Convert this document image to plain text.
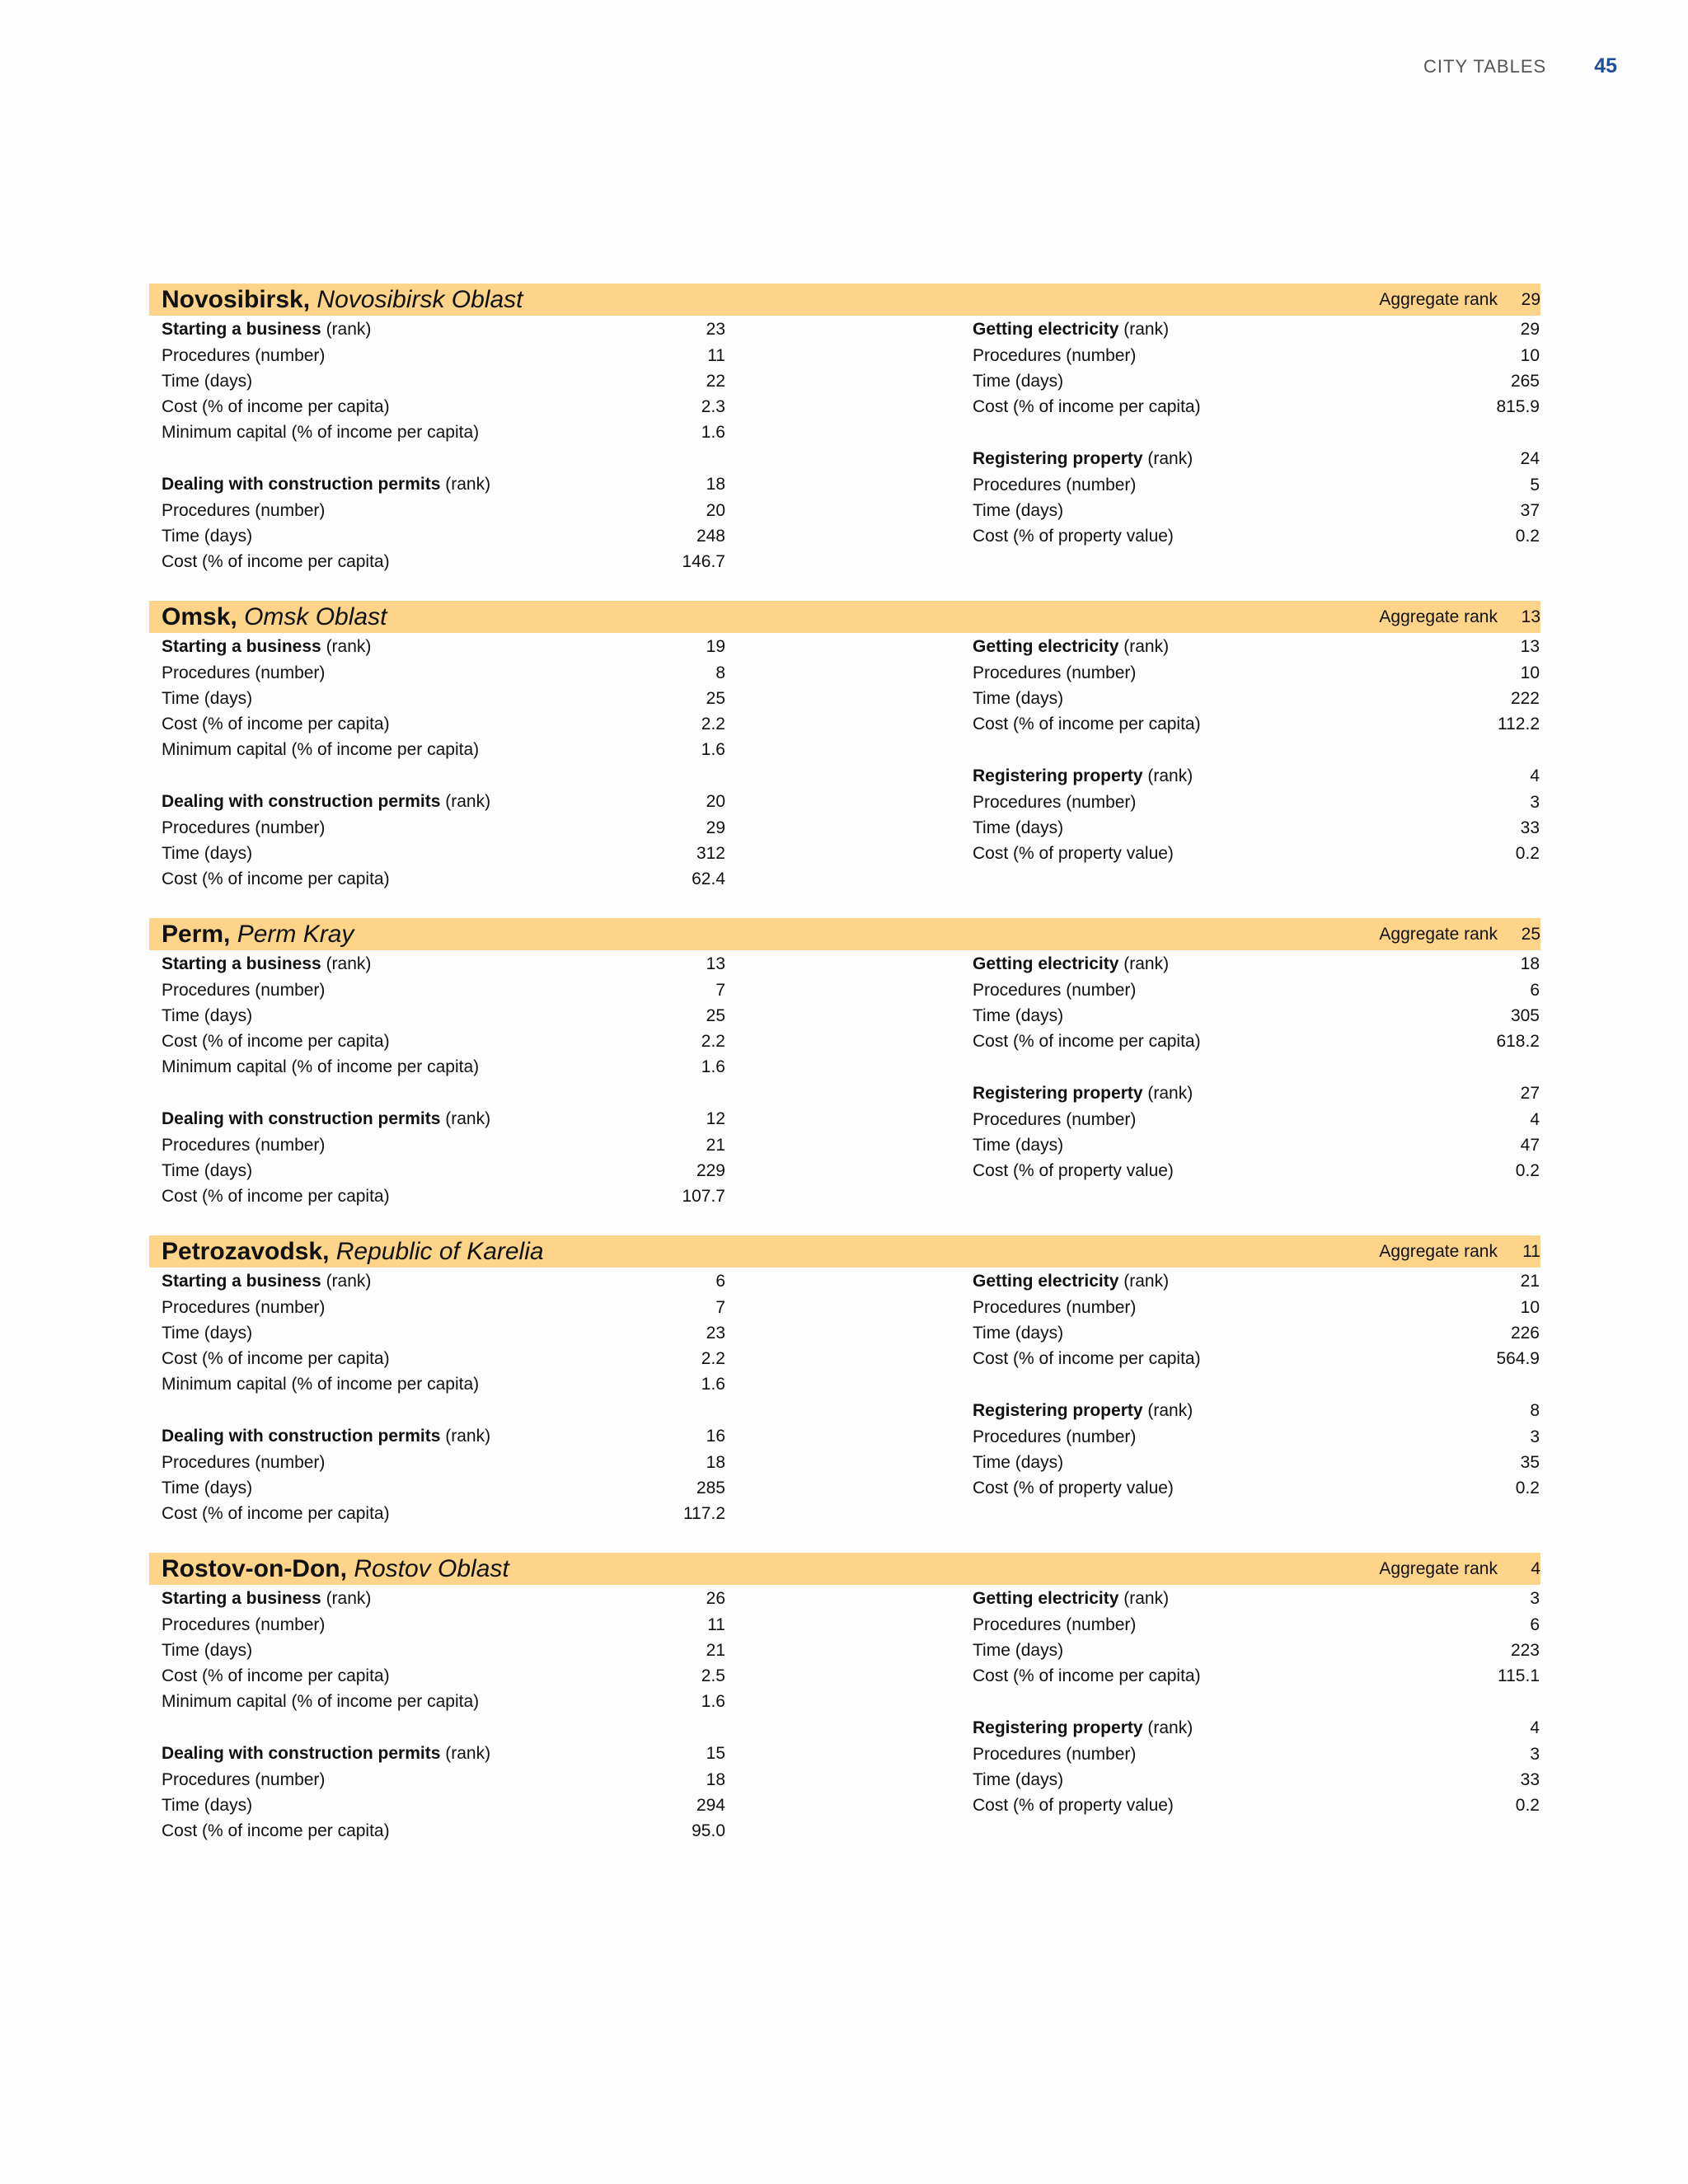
CITY TABLES 45
Novosibirsk, Novosibirsk Oblast	Aggregate rank	29
Starting a business (rank)	23
Procedures (number)	11
Time (days)	22
Cost (% of income per capita)	2.3
Minimum capital (% of income per capita)	1.6
Dealing with construction permits (rank)	18
Procedures (number)	20
Time (days)	248
Cost (% of income per capita)	146.7
Getting electricity (rank)	29
Procedures (number)	10
Time (days)	265
Cost (% of income per capita)	815.9
Registering property (rank)	24
Procedures (number)	5
Time (days)	37
Cost (% of property value)	0.2
Omsk, Omsk Oblast	Aggregate rank	13
Starting a business (rank)	19
Procedures (number)	8
Time (days)	25
Cost (% of income per capita)	2.2
Minimum capital (% of income per capita)	1.6
Dealing with construction permits (rank)	20
Procedures (number)	29
Time (days)	312
Cost (% of income per capita)	62.4
Getting electricity (rank)	13
Procedures (number)	10
Time (days)	222
Cost (% of income per capita)	112.2
Registering property (rank)	4
Procedures (number)	3
Time (days)	33
Cost (% of property value)	0.2
Perm, Perm Kray	Aggregate rank	25
Starting a business (rank)	13
Procedures (number)	7
Time (days)	25
Cost (% of income per capita)	2.2
Minimum capital (% of income per capita)	1.6
Dealing with construction permits (rank)	12
Procedures (number)	21
Time (days)	229
Cost (% of income per capita)	107.7
Getting electricity (rank)	18
Procedures (number)	6
Time (days)	305
Cost (% of income per capita)	618.2
Registering property (rank)	27
Procedures (number)	4
Time (days)	47
Cost (% of property value)	0.2
Petrozavodsk, Republic of Karelia	Aggregate rank	11
Starting a business (rank)	6
Procedures (number)	7
Time (days)	23
Cost (% of income per capita)	2.2
Minimum capital (% of income per capita)	1.6
Dealing with construction permits (rank)	16
Procedures (number)	18
Time (days)	285
Cost (% of income per capita)	117.2
Getting electricity (rank)	21
Procedures (number)	10
Time (days)	226
Cost (% of income per capita)	564.9
Registering property (rank)	8
Procedures (number)	3
Time (days)	35
Cost (% of property value)	0.2
Rostov-on-Don, Rostov Oblast	Aggregate rank	4
Starting a business (rank)	26
Procedures (number)	11
Time (days)	21
Cost (% of income per capita)	2.5
Minimum capital (% of income per capita)	1.6
Dealing with construction permits (rank)	15
Procedures (number)	18
Time (days)	294
Cost (% of income per capita)	95.0
Getting electricity (rank)	3
Procedures (number)	6
Time (days)	223
Cost (% of income per capita)	115.1
Registering property (rank)	4
Procedures (number)	3
Time (days)	33
Cost (% of property value)	0.2
